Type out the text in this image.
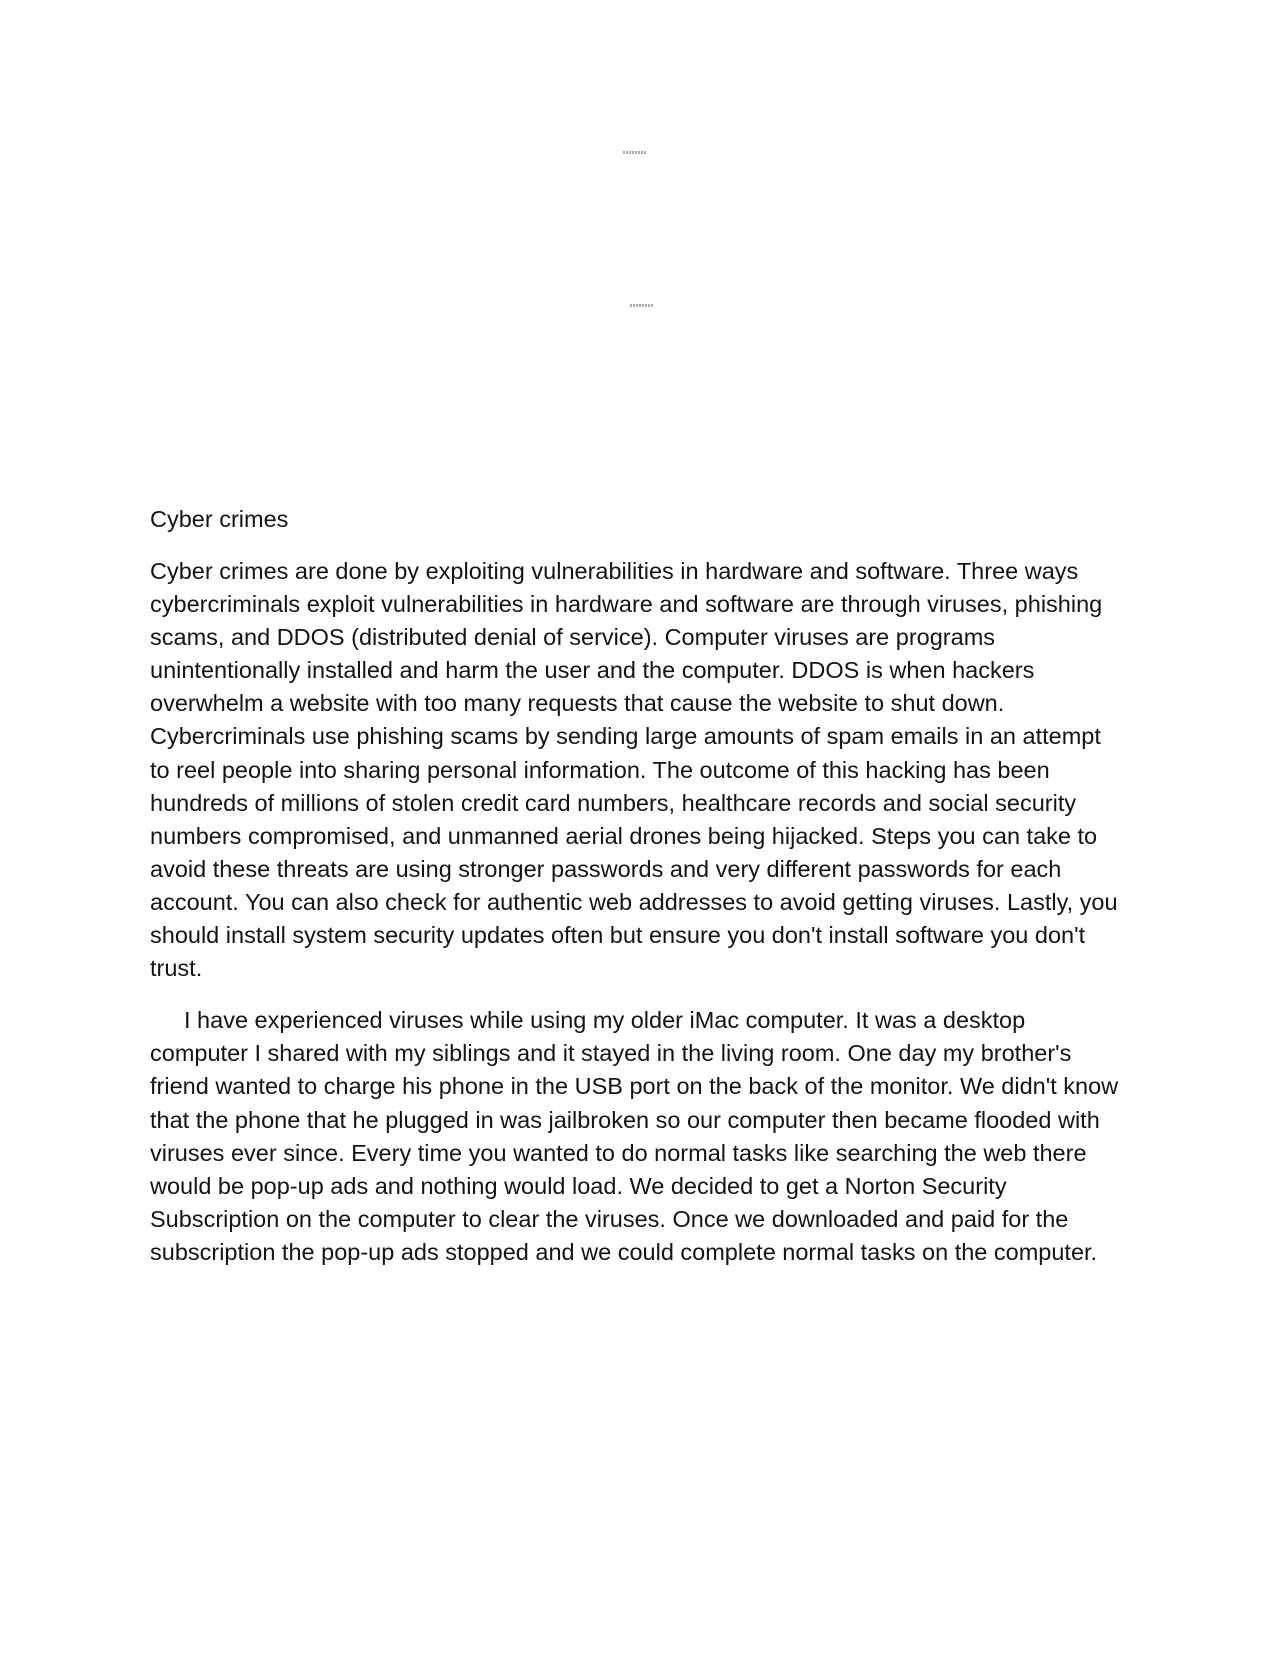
Cyber crimes

Cyber crimes are done by exploiting vulnerabilities in hardware and software. Three ways cybercriminals exploit vulnerabilities in hardware and software are through viruses, phishing scams, and DDOS (distributed denial of service). Computer viruses are programs unintentionally installed and harm the user and the computer. DDOS is when hackers overwhelm a website with too many requests that cause the website to shut down. Cybercriminals use phishing scams by sending large amounts of spam emails in an attempt to reel people into sharing personal information. The outcome of this hacking has been hundreds of millions of stolen credit card numbers, healthcare records and social security numbers compromised, and unmanned aerial drones being hijacked. Steps you can take to avoid these threats are using stronger passwords and very different passwords for each account. You can also check for authentic web addresses to avoid getting viruses. Lastly, you should install system security updates often but ensure you don't install software you don't trust.

I have experienced viruses while using my older iMac computer. It was a desktop computer I shared with my siblings and it stayed in the living room. One day my brother's friend wanted to charge his phone in the USB port on the back of the monitor. We didn't know that the phone that he plugged in was jailbroken so our computer then became flooded with viruses ever since. Every time you wanted to do normal tasks like searching the web there would be pop-up ads and nothing would load. We decided to get a Norton Security Subscription on the computer to clear the viruses. Once we downloaded and paid for the subscription the pop-up ads stopped and we could complete normal tasks on the computer.
